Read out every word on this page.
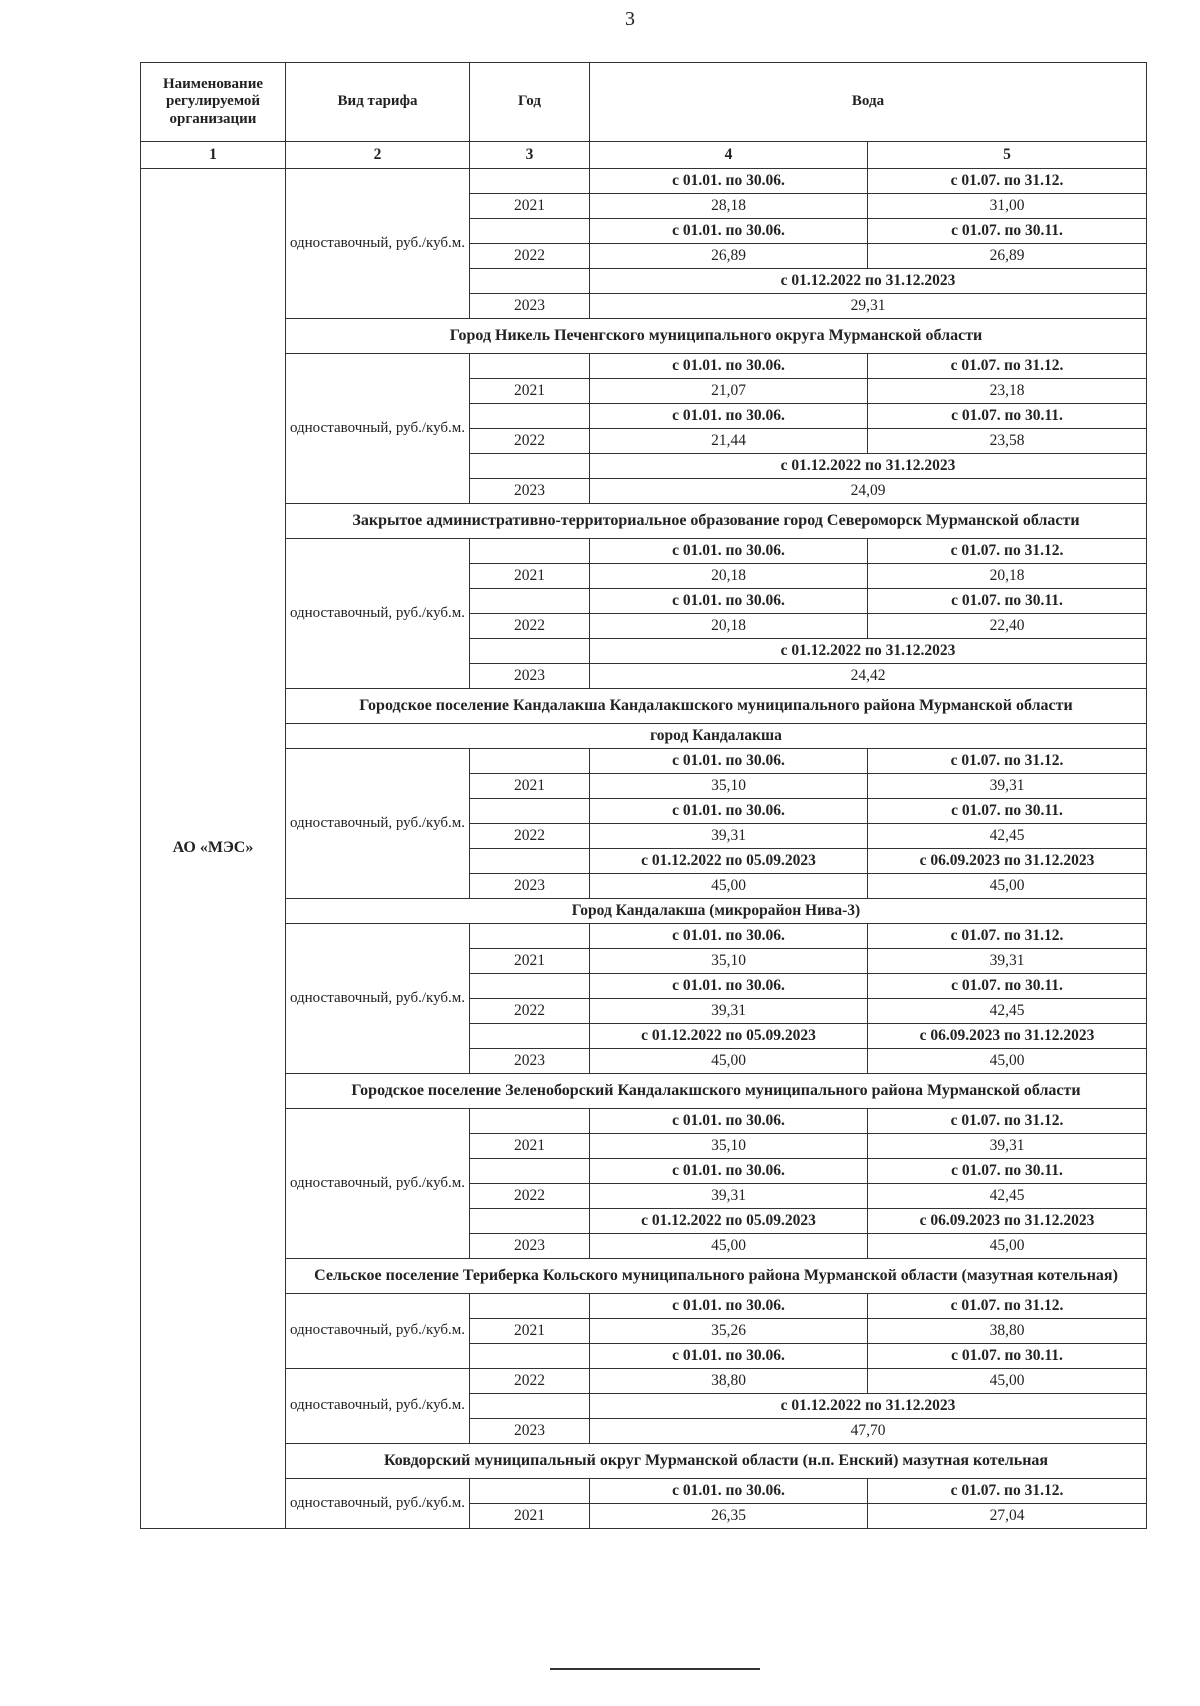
3
Наименование регулируемой организации	Вид тарифа	Год	Вода	
1	2	3	4	5
АО «МЭС»	одноставочный, руб./куб.м.		с 01.01. по 30.06.	с 01.07. по 31.12.
		2021	28,18	31,00
			с 01.01. по 30.06.	с 01.07. по 30.11.
		2022	26,89	26,89
			с 01.12.2022 по 31.12.2023	
		2023	29,31	
	Город Никель Печенгского муниципального округа Мурманской области			
	одноставочный, руб./куб.м.		с 01.01. по 30.06.	с 01.07. по 31.12.
		2021	21,07	23,18
			с 01.01. по 30.06.	с 01.07. по 30.11.
		2022	21,44	23,58
			с 01.12.2022 по 31.12.2023	
		2023	24,09	
	Закрытое административно-территориальное образование город Североморск Мурманской области			
	одноставочный, руб./куб.м.		с 01.01. по 30.06.	с 01.07. по 31.12.
		2021	20,18	20,18
			с 01.01. по 30.06.	с 01.07. по 30.11.
		2022	20,18	22,40
			с 01.12.2022 по 31.12.2023	
		2023	24,42	
	Городское поселение Кандалакша Кандалакшского муниципального района Мурманской области			
	город Кандалакша			
	одноставочный, руб./куб.м.		с 01.01. по 30.06.	с 01.07. по 31.12.
		2021	35,10	39,31
			с 01.01. по 30.06.	с 01.07. по 30.11.
		2022	39,31	42,45
			с 01.12.2022 по 05.09.2023	с 06.09.2023 по 31.12.2023
		2023	45,00	45,00
	Город Кандалакша (микрорайон Нива-3)			
	одноставочный, руб./куб.м.		с 01.01. по 30.06.	с 01.07. по 31.12.
		2021	35,10	39,31
			с 01.01. по 30.06.	с 01.07. по 30.11.
		2022	39,31	42,45
			с 01.12.2022 по 05.09.2023	с 06.09.2023 по 31.12.2023
		2023	45,00	45,00
	Городское поселение Зеленоборский Кандалакшского муниципального района Мурманской области			
	одноставочный, руб./куб.м.		с 01.01. по 30.06.	с 01.07. по 31.12.
		2021	35,10	39,31
			с 01.01. по 30.06.	с 01.07. по 30.11.
		2022	39,31	42,45
			с 01.12.2022 по 05.09.2023	с 06.09.2023 по 31.12.2023
		2023	45,00	45,00
	Сельское поселение Териберка Кольского муниципального района Мурманской области (мазутная котельная)			
	одноставочный, руб./куб.м.		с 01.01. по 30.06.	с 01.07. по 31.12.
		2021	35,26	38,80
			с 01.01. по 30.06.	с 01.07. по 30.11.
	одноставочный, руб./куб.м.	2022	38,80	45,00
			с 01.12.2022 по 31.12.2023	
		2023	47,70	
	Ковдорский муниципальный округ Мурманской области (н.п. Енский) мазутная котельная			
	одноставочный, руб./куб.м.		с 01.01. по 30.06.	с 01.07. по 31.12.
		2021	26,35	27,04
